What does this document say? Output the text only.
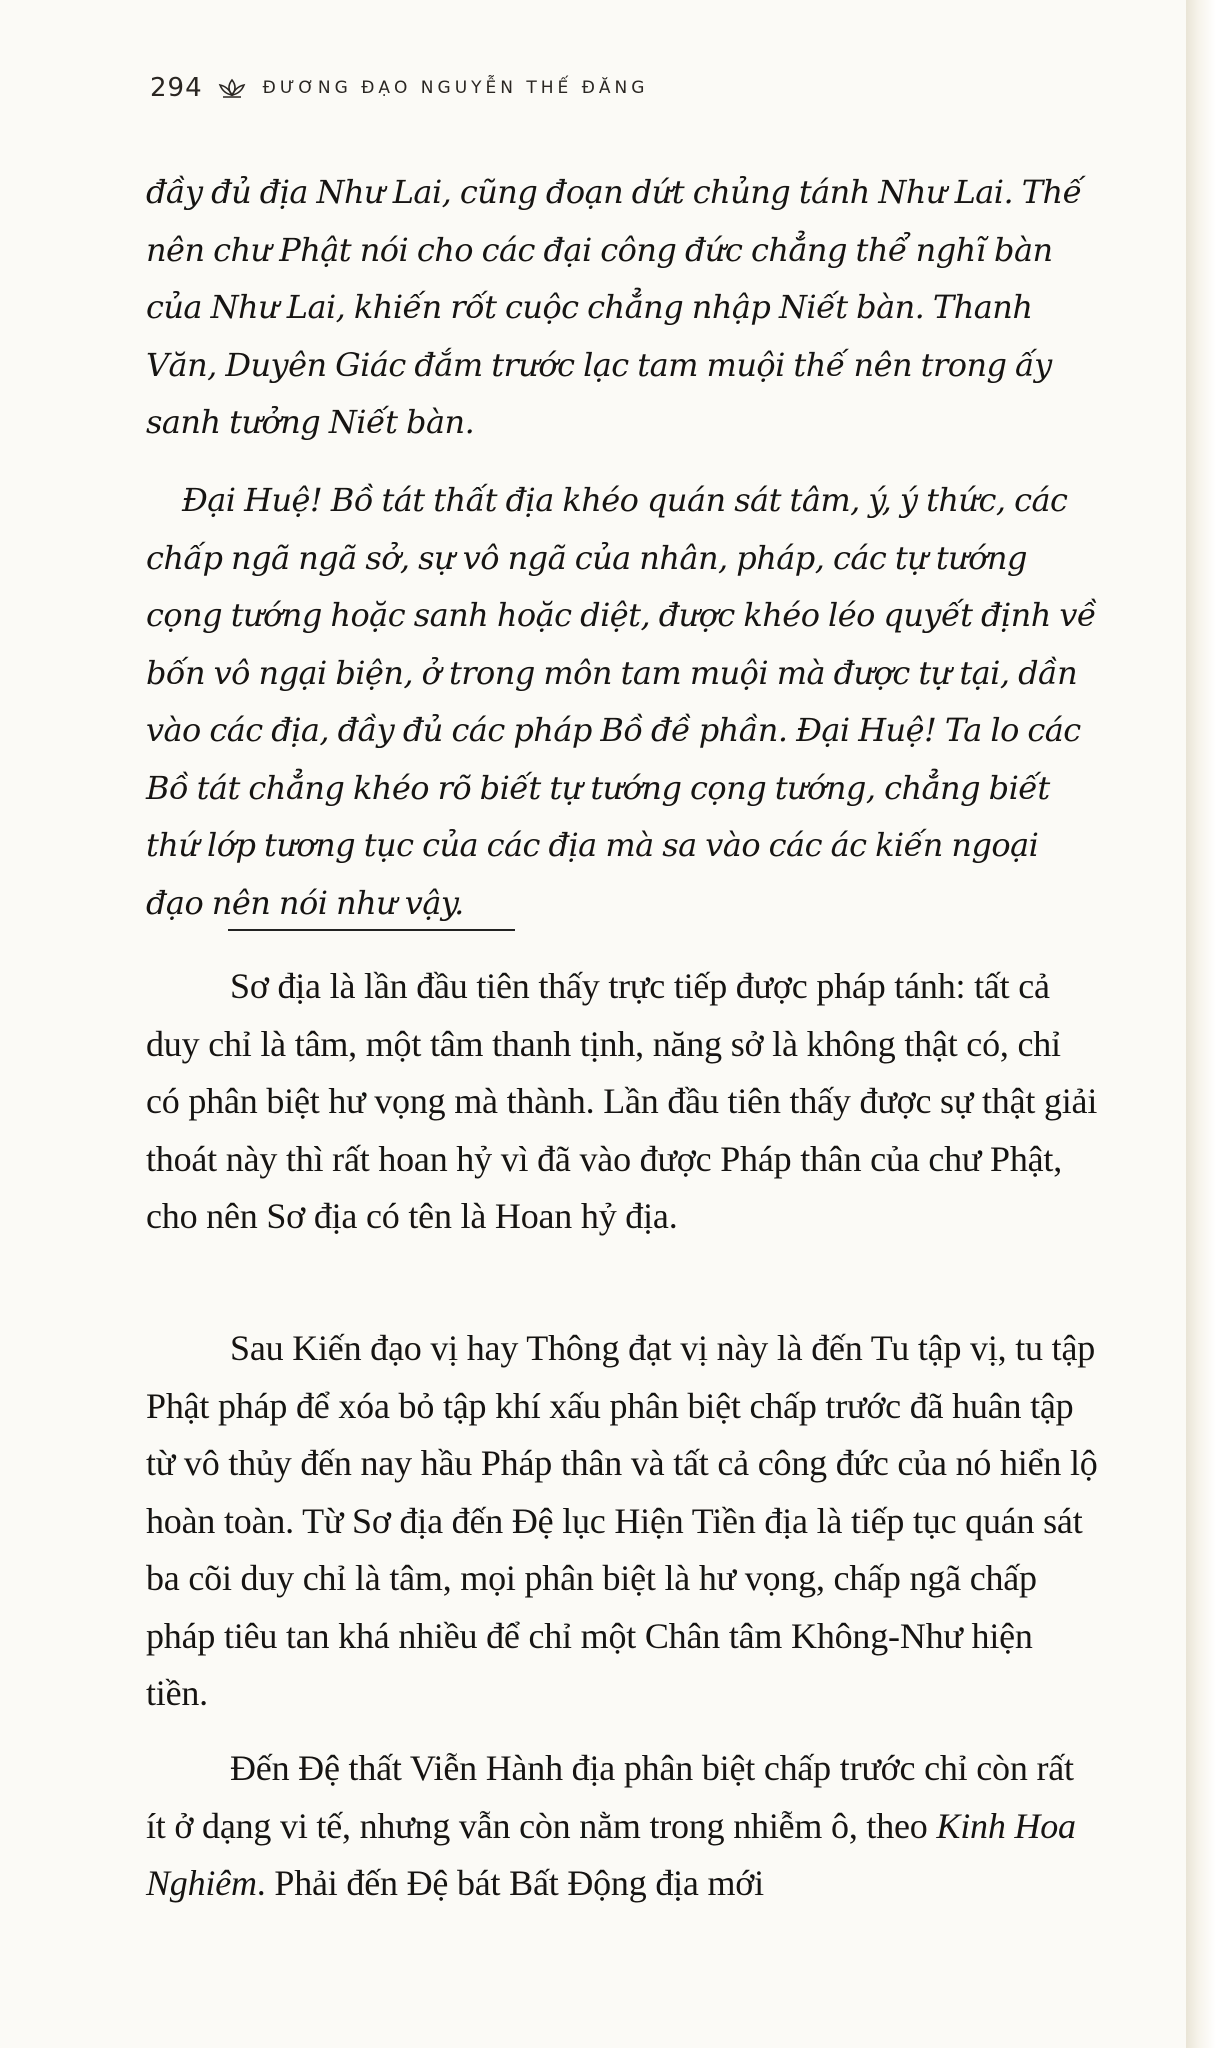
294	ĐƯƠNG ĐẠO NGUYỄN THẾ ĐĂNG

đầy đủ địa Như Lai, cũng đoạn dứt chủng tánh Như Lai. Thế nên chư Phật nói cho các đại công đức chẳng thể nghĩ bàn của Như Lai, khiến rốt cuộc chẳng nhập Niết bàn. Thanh Văn, Duyên Giác đắm trước lạc tam muội thế nên trong ấy sanh tưởng Niết bàn.

Đại Huệ! Bồ tát thất địa khéo quán sát tâm, ý, ý thức, các chấp ngã ngã sở, sự vô ngã của nhân, pháp, các tự tướng cọng tướng hoặc sanh hoặc diệt, được khéo léo quyết định về bốn vô ngại biện, ở trong môn tam muội mà được tự tại, dần vào các địa, đầy đủ các pháp Bồ đề phần. Đại Huệ! Ta lo các Bồ tát chẳng khéo rõ biết tự tướng cọng tướng, chẳng biết thứ lớp tương tục của các địa mà sa vào các ác kiến ngoại đạo nên nói như vậy.

Sơ địa là lần đầu tiên thấy trực tiếp được pháp tánh: tất cả duy chỉ là tâm, một tâm thanh tịnh, năng sở là không thật có, chỉ có phân biệt hư vọng mà thành. Lần đầu tiên thấy được sự thật giải thoát này thì rất hoan hỷ vì đã vào được Pháp thân của chư Phật, cho nên Sơ địa có tên là Hoan hỷ địa.

Sau Kiến đạo vị hay Thông đạt vị này là đến Tu tập vị, tu tập Phật pháp để xóa bỏ tập khí xấu phân biệt chấp trước đã huân tập từ vô thủy đến nay hầu Pháp thân và tất cả công đức của nó hiển lộ hoàn toàn. Từ Sơ địa đến Đệ lục Hiện Tiền địa là tiếp tục quán sát ba cõi duy chỉ là tâm, mọi phân biệt là hư vọng, chấp ngã chấp pháp tiêu tan khá nhiều để chỉ một Chân tâm Không-Như hiện tiền.

Đến Đệ thất Viễn Hành địa phân biệt chấp trước chỉ còn rất ít ở dạng vi tế, nhưng vẫn còn nằm trong nhiễm ô, theo Kinh Hoa Nghiêm. Phải đến Đệ bát Bất Động địa mới
